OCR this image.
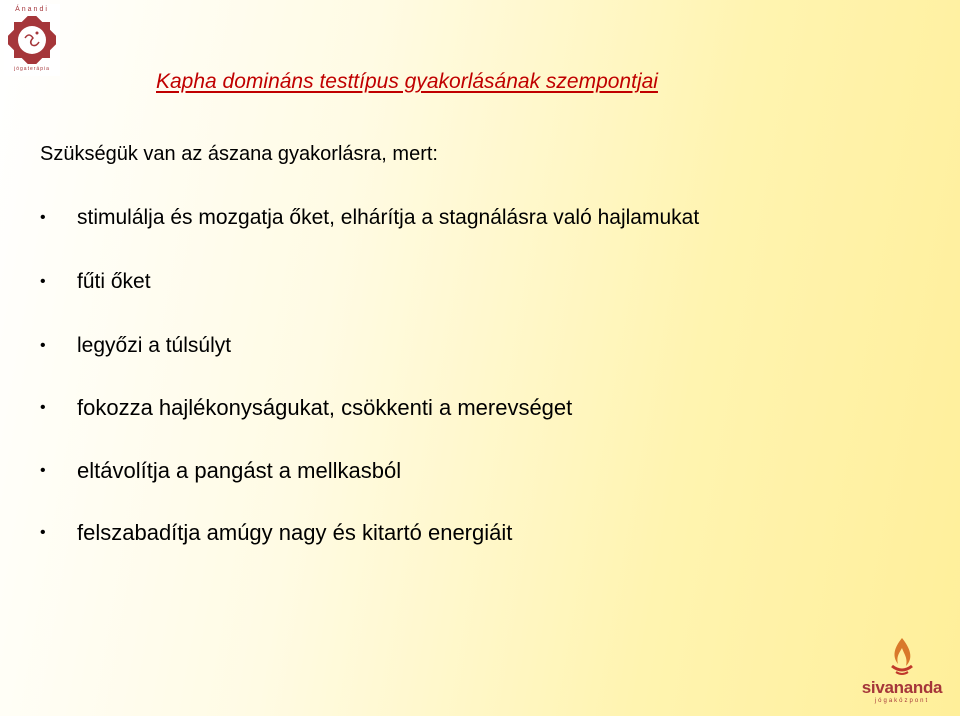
Ánandi
jógaterápia
Kapha domináns testtípus gyakorlásának szempontjai

Szükségük van az ászana gyakorlásra, mert:

• stimulálja és mozgatja őket, elhárítja a stagnálásra való hajlamukat
• fűti őket
• legyőzi a túlsúlyt
• fokozza hajlékonyságukat, csökkenti a merevséget
• eltávolítja a pangást a mellkasból
• felszabadítja amúgy nagy és kitartó energiáit
sivananda
jógaközpont
